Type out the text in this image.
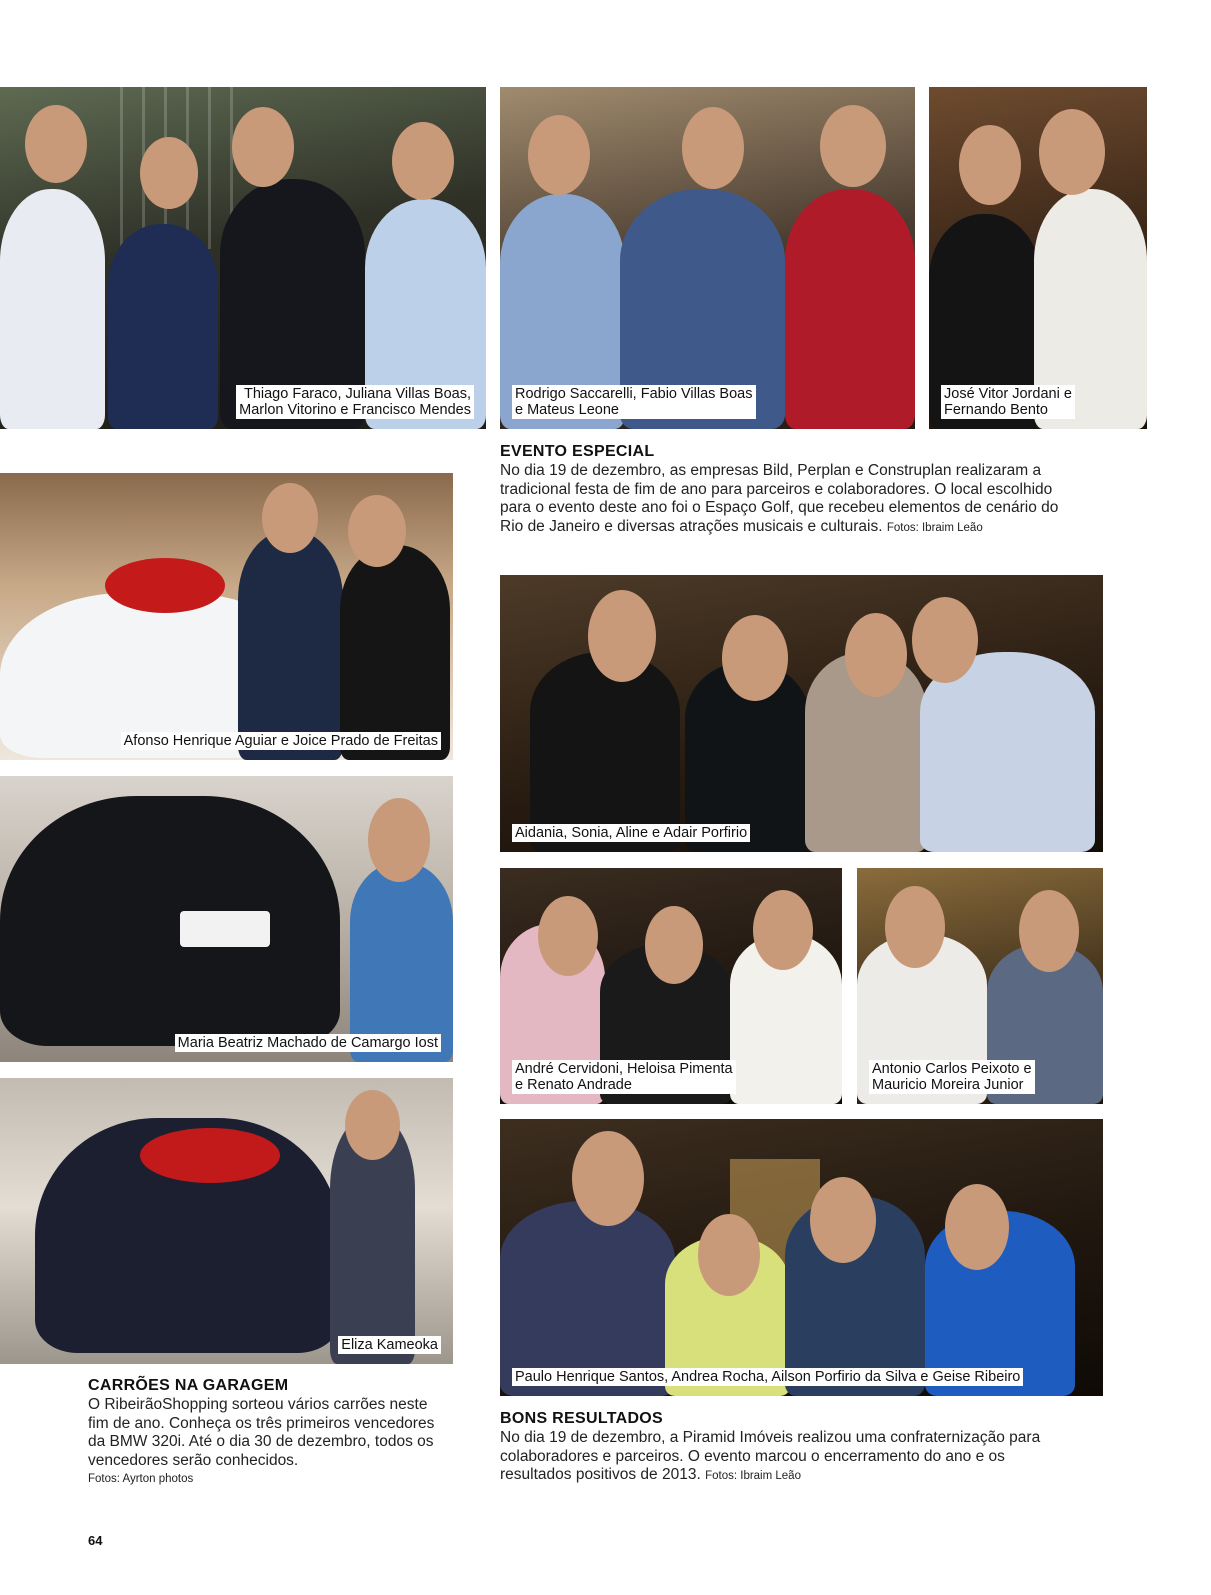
Thiago Faraco, Juliana Villas Boas,
Marlon Vitorino e Francisco Mendes
Rodrigo Saccarelli, Fabio Villas Boas
e Mateus Leone
José Vitor Jordani e
Fernando Bento
EVENTO ESPECIAL
No dia 19 de dezembro, as empresas Bild, Perplan e Construplan realizaram a
tradicional festa de fim de ano para parceiros e colaboradores. O local escolhido
para o evento deste ano foi o Espaço Golf, que recebeu elementos de cenário do
Rio de Janeiro e diversas atrações musicais e culturais. Fotos: Ibraim Leão
Afonso Henrique Aguiar e Joice Prado de Freitas
Maria Beatriz Machado de Camargo Iost
Eliza Kameoka
CARRÕES NA GARAGEM
O RibeirãoShopping sorteou vários carrões neste
fim de ano. Conheça os três primeiros vencedores
da BMW 320i. Até o dia 30 de dezembro, todos os
vencedores serão conhecidos.
Fotos: Ayrton photos
Aidania, Sonia, Aline e Adair Porfirio
André Cervidoni, Heloisa Pimenta
e Renato Andrade
Antonio Carlos Peixoto e
Mauricio Moreira Junior
Paulo Henrique Santos, Andrea Rocha, Ailson Porfirio da Silva e Geise Ribeiro
BONS RESULTADOS
No dia 19 de dezembro, a Piramid Imóveis realizou uma confraternização para
colaboradores e parceiros. O evento marcou o encerramento do ano e os
resultados positivos de 2013. Fotos: Ibraim Leão
64
